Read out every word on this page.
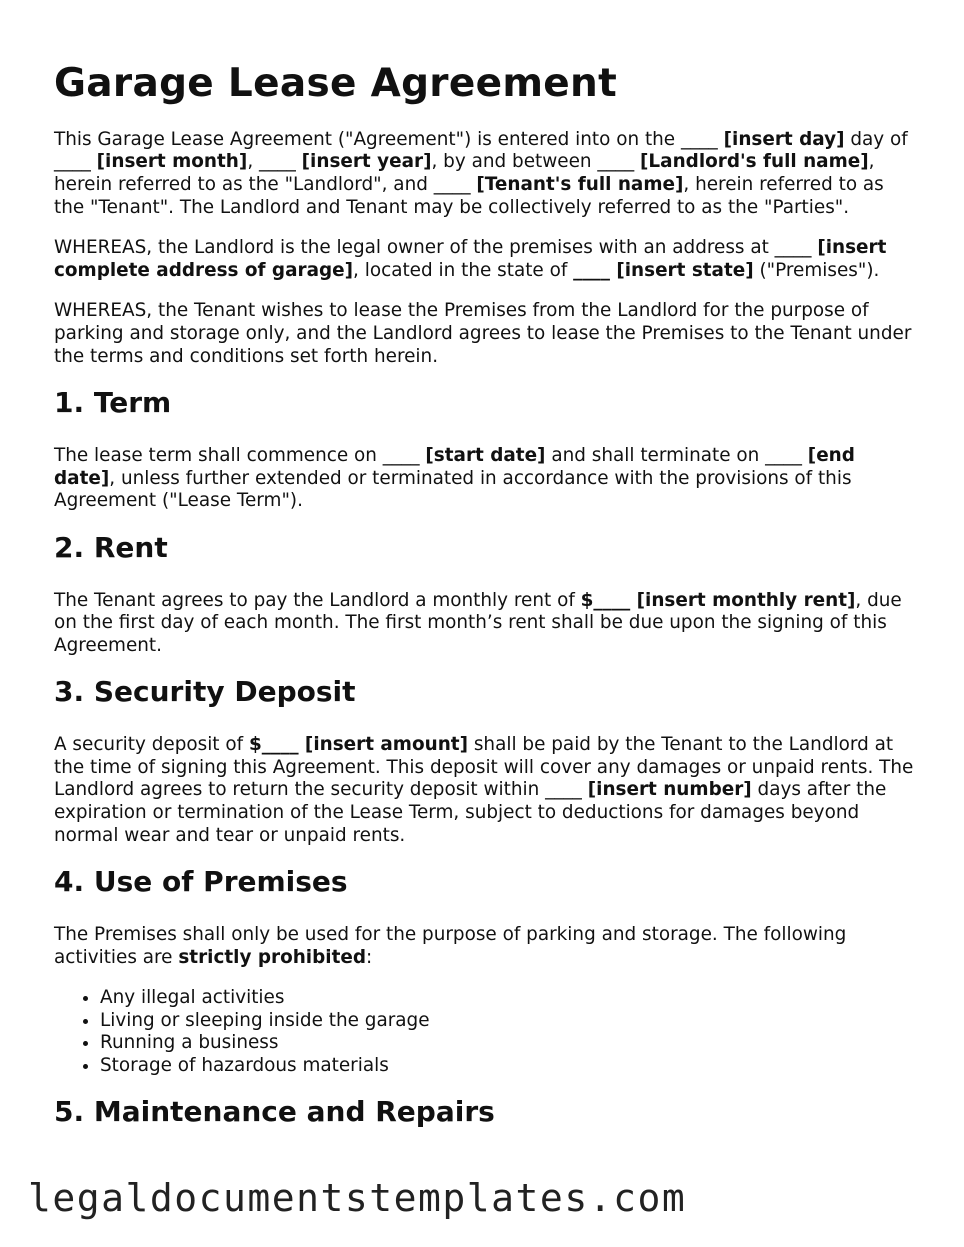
Garage Lease Agreement

This Garage Lease Agreement ("Agreement") is entered into on the ____ [insert day] day of ____ [insert month], ____ [insert year], by and between ____ [Landlord's full name], herein referred to as the "Landlord", and ____ [Tenant's full name], herein referred to as the "Tenant". The Landlord and Tenant may be collectively referred to as the "Parties".

WHEREAS, the Landlord is the legal owner of the premises with an address at ____ [insert complete address of garage], located in the state of ____ [insert state] ("Premises").

WHEREAS, the Tenant wishes to lease the Premises from the Landlord for the purpose of parking and storage only, and the Landlord agrees to lease the Premises to the Tenant under the terms and conditions set forth herein.

1. Term

The lease term shall commence on ____ [start date] and shall terminate on ____ [end date], unless further extended or terminated in accordance with the provisions of this Agreement ("Lease Term").

2. Rent

The Tenant agrees to pay the Landlord a monthly rent of $____ [insert monthly rent], due on the first day of each month. The first month’s rent shall be due upon the signing of this Agreement.

3. Security Deposit

A security deposit of $____ [insert amount] shall be paid by the Tenant to the Landlord at the time of signing this Agreement. This deposit will cover any damages or unpaid rents. The Landlord agrees to return the security deposit within ____ [insert number] days after the expiration or termination of the Lease Term, subject to deductions for damages beyond normal wear and tear or unpaid rents.

4. Use of Premises

The Premises shall only be used for the purpose of parking and storage. The following activities are strictly prohibited:

• Any illegal activities
• Living or sleeping inside the garage
• Running a business
• Storage of hazardous materials
5. Maintenance and Repairs
legaldocumentstemplates.com
